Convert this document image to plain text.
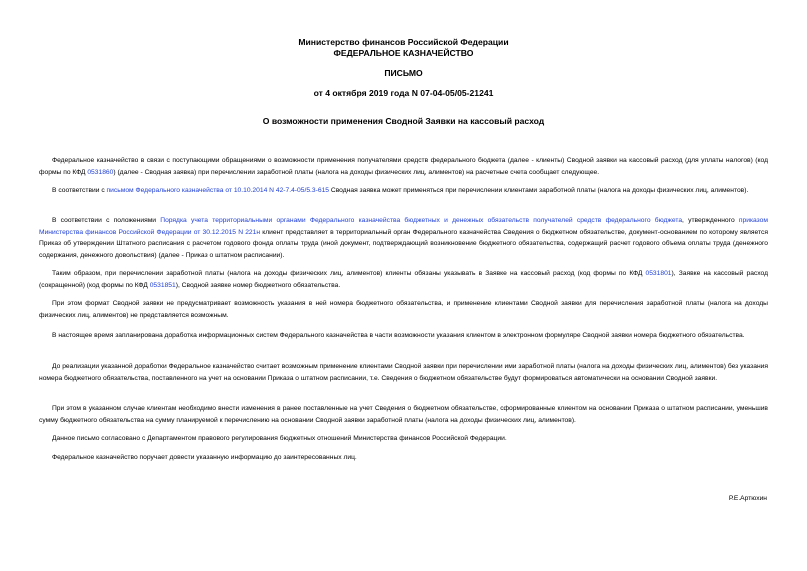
Министерство финансов Российской Федерации
ФЕДЕРАЛЬНОЕ КАЗНАЧЕЙСТВО
ПИСЬМО
от 4 октября 2019 года N 07-04-05/05-21241
О возможности применения Сводной Заявки на кассовый расход

Федеральное казначейство в связи с поступающими обращениями о возможности применения получателями средств федерального бюджета (далее - клиенты) Сводной заявки на кассовый расход (для уплаты налогов) (код формы по КФД 0531860) (далее - Сводная заявка) при перечислении заработной платы (налога на доходы физических лиц, алиментов) на расчетные счета сообщает следующее.

В соответствии с письмом Федерального казначейства от 10.10.2014 N 42-7.4-05/5.3-615 Сводная заявка может применяться при перечислении клиентами заработной платы (налога на доходы физических лиц, алиментов).

В соответствии с положениями Порядка учета территориальными органами Федерального казначейства бюджетных и денежных обязательств получателей средств федерального бюджета, утвержденного приказом Министерства финансов Российской Федерации от 30.12.2015 N 221н клиент представляет в территориальный орган Федерального казначейства Сведения о бюджетном обязательстве, документ-основанием по которому является Приказ об утверждении Штатного расписания с расчетом годового фонда оплаты труда (иной документ, подтверждающий возникновение бюджетного обязательства, содержащий расчет годового объема оплаты труда (денежного содержания, денежного довольствия) (далее - Приказ о штатном расписании).

Таким образом, при перечислении заработной платы (налога на доходы физических лиц, алиментов) клиенты обязаны указывать в Заявке на кассовый расход (код формы по КФД 0531801), Заявке на кассовый расход (сокращенной) (код формы по КФД 0531851), Сводной заявке номер бюджетного обязательства.

При этом формат Сводной заявки не предусматривает возможность указания в ней номера бюджетного обязательства, и применение клиентами Сводной заявки для перечисления заработной платы (налога на доходы физических лиц, алиментов) не представляется возможным.

В настоящее время запланирована доработка информационных систем Федерального казначейства в части возможности указания клиентом в электронном формуляре Сводной заявки номера бюджетного обязательства.

До реализации указанной доработки Федеральное казначейство считает возможным применение клиентами Сводной заявки при перечислении ими заработной платы (налога на доходы физических лиц, алиментов) без указания номера бюджетного обязательства, поставленного на учет на основании Приказа о штатном расписании, т.е. Сведения о бюджетном обязательстве будут формироваться автоматически на основании Сводной заявки.

При этом в указанном случае клиентам необходимо внести изменения в ранее поставленные на учет Сведения о бюджетном обязательстве, сформированные клиентом на основании Приказа о штатном расписании, уменьшив сумму бюджетного обязательства на сумму планируемой к перечислению на основании Сводной заявки заработной платы (налога на доходы физических лиц, алиментов).

Данное письмо согласовано с Департаментом правового регулирования бюджетных отношений Министерства финансов Российской Федерации.

Федеральное казначейство поручает довести указанную информацию до заинтересованных лиц.

Р.Е.Артюхин
